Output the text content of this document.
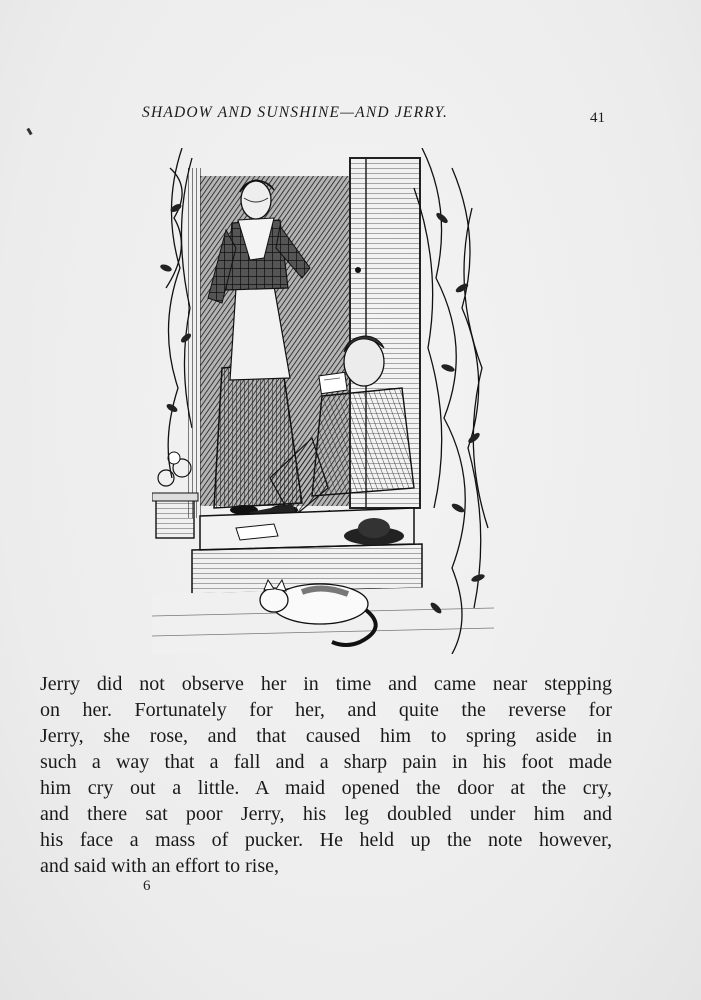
SHADOW AND SUNSHINE—AND JERRY.	41
Jerry did not observe her in time and came near stepping
on her. Fortunately for her, and quite the reverse for
Jerry, she rose, and that caused him to spring aside in
such a way that a fall and a sharp pain in his foot made
him cry out a little. A maid opened the door at the cry,
and there sat poor Jerry, his leg doubled under him and
his face a mass of pucker. He held up the note however,
and said with an effort to rise,
6
